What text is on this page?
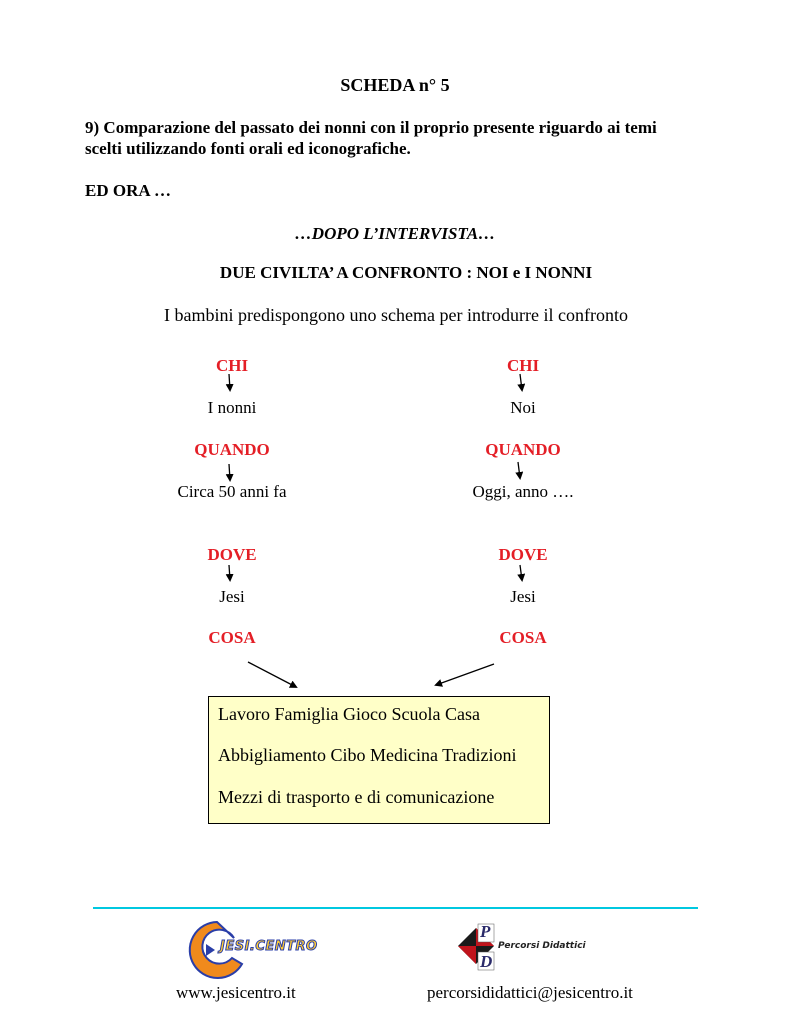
SCHEDA n° 5
9) Comparazione del passato dei nonni con il proprio presente riguardo ai temi
scelti utilizzando fonti orali ed iconografiche.
ED ORA …
…DOPO L’INTERVISTA…
DUE CIVILTA’ A CONFRONTO : NOI e I NONNI
I bambini predispongono uno schema per introdurre il confronto
CHI
I nonni
QUANDO
Circa 50 anni fa
DOVE
Jesi
COSA
CHI
Noi
QUANDO
Oggi, anno ….
DOVE
Jesi
COSA
Lavoro Famiglia Gioco Scuola Casa
Abbigliamento Cibo Medicina Tradizioni
Mezzi di trasporto e di comunicazione
JESI.CENTRO
P
D
Percorsi Didattici
www.jesicentro.it	percorsididattici@jesicentro.it
